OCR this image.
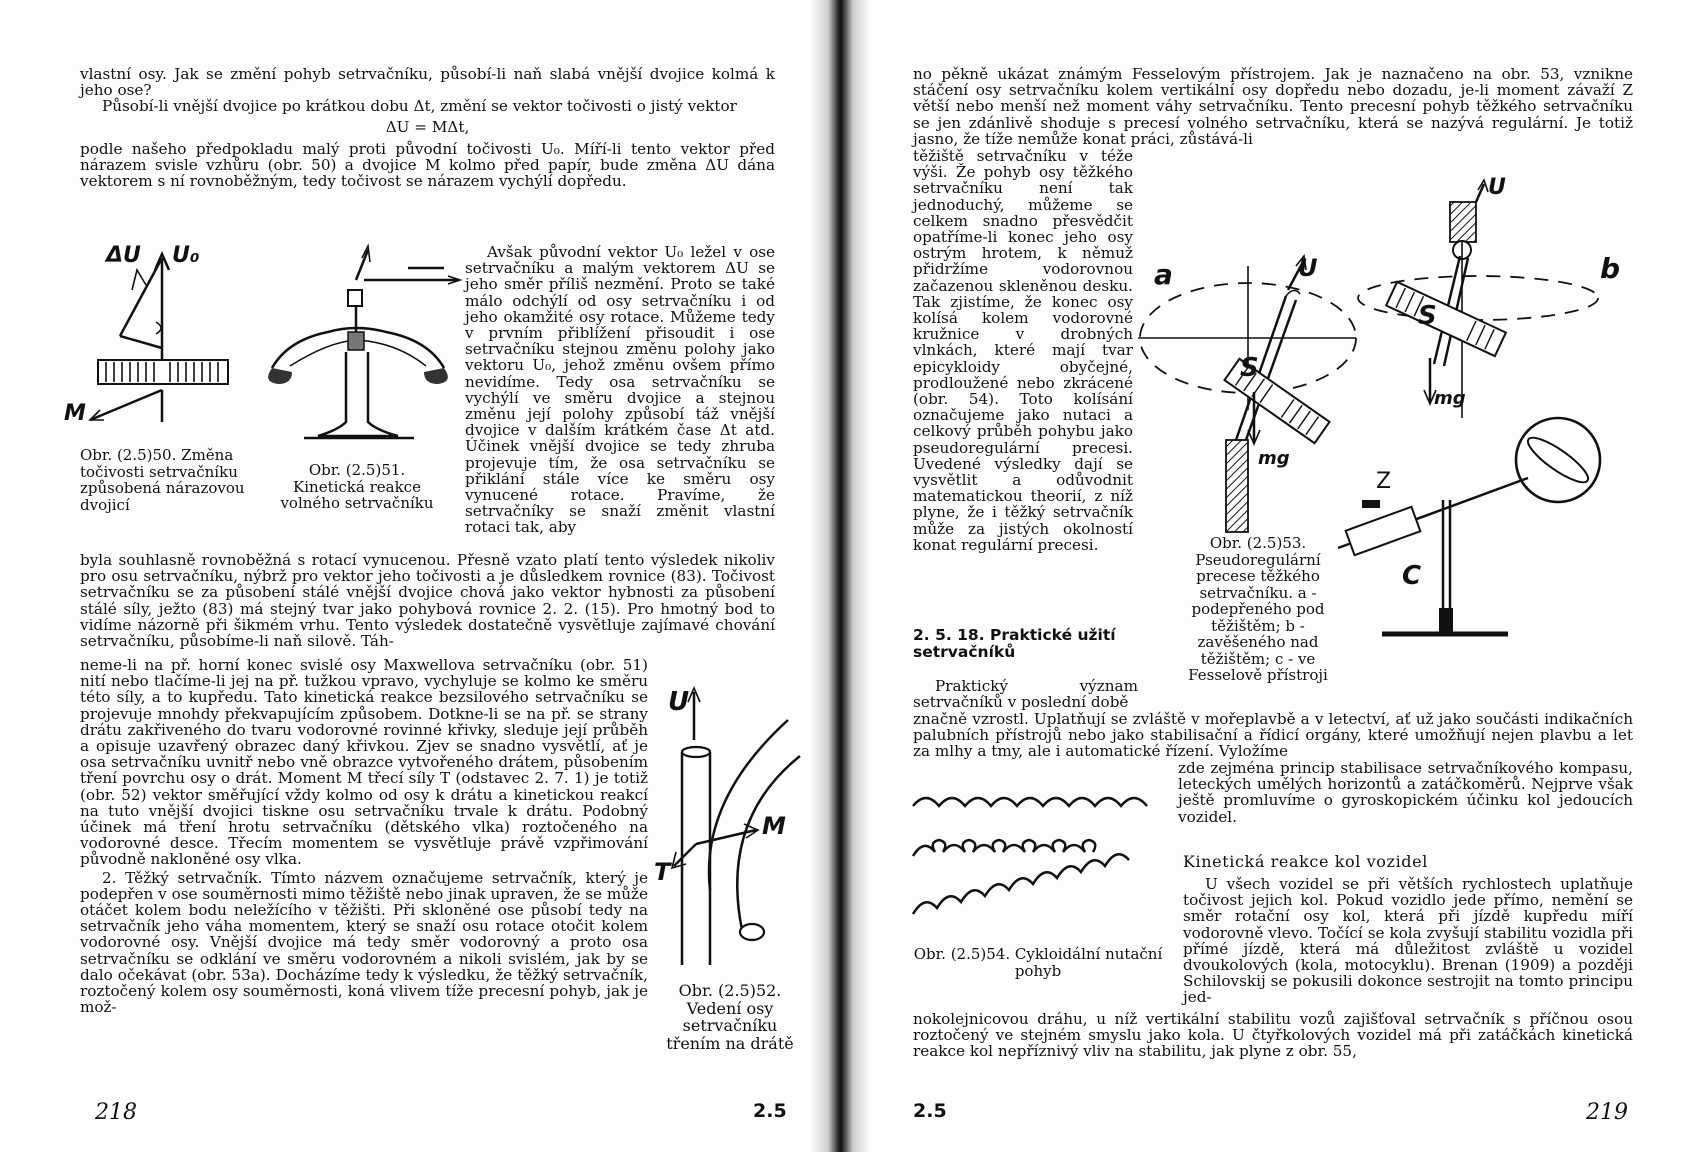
vlastní osy. Jak se změní pohyb setrvačníku, působí-li naň slabá vnější dvojice kolmá k jeho ose?

Působí-li vnější dvojice po krátkou dobu Δt, změní se vektor točivosti o jistý vektor

ΔU = MΔt,

podle našeho předpokladu malý proti původní točivosti U₀. Míří-li tento vektor před nárazem svisle vzhůru (obr. 50) a dvojice M kolmo před papír, bude změna ΔU dána vektorem s ní rovnoběžným, tedy točivost se nárazem vychýlí dopředu.

Avšak původní vektor U₀ ležel v ose setrvačníku a malým vektorem ΔU se jeho směr příliš nezmění. Proto se také málo odchýlí od osy setrvačníku i od jeho okamžité osy rotace. Můžeme tedy v prvním přiblížení přisoudit i ose setrvačníku stejnou změnu polohy jako vektoru U₀, jehož změnu ovšem přímo nevidíme. Tedy osa setrvačníku se vychýlí ve směru dvojice a stejnou změnu její polohy způsobí táž vnější dvojice v dalším krátkém čase Δt atd. Účinek vnější dvojice se tedy zhruba projevuje tím, že osa setrvačníku se přiklání stále více ke směru osy vynucené rotace. Pravíme, že setrvačníky se snaží změnit vlastní rotaci tak, aby

ΔU U₀
M
Obr. (2.5)50. Změna točivosti setrvačníku způsobená nárazovou dvojicí
Obr. (2.5)51. Kinetická reakce volného setrvačníku

byla souhlasně rovnoběžná s rotací vynucenou. Přesně vzato platí tento výsledek nikoliv pro osu setrvačníku, nýbrž pro vektor jeho točivosti a je důsledkem rovnice (83). Točivost setrvačníku se za působení stálé vnější dvojice chová jako vektor hybnosti za působení stálé síly, ježto (83) má stejný tvar jako pohybová rovnice 2. 2. (15). Pro hmotný bod to vidíme názorně při šikmém vrhu. Tento výsledek dostatečně vysvětluje zajímavé chování setrvačníku, působíme-li naň silově. Táh-

neme-li na př. horní konec svislé osy Maxwellova setrvačníku (obr. 51) nití nebo tlačíme-li jej na př. tužkou vpravo, vychyluje se kolmo ke směru této síly, a to kupředu. Tato kinetická reakce bezsilového setrvačníku se projevuje mnohdy překvapujícím způsobem. Dotkne-li se na př. se strany drátu zakřiveného do tvaru vodorovné rovinné křivky, sleduje její průběh a opisuje uzavřený obrazec daný křivkou. Zjev se snadno vysvětlí, ať je osa setrvačníku uvnitř nebo vně obrazce vytvořeného drátem, působením tření povrchu osy o drát. Moment M třecí síly T (odstavec 2. 7. 1) je totiž (obr. 52) vektor směřující vždy kolmo od osy k drátu a kinetickou reakcí na tuto vnější dvojici tiskne osu setrvačníku trvale k drátu. Podobný účinek má tření hrotu setrvačníku (dětského vlka) roztočeného na vodorovné desce. Třecím momentem se vysvětluje právě vzpřimování původně nakloněné osy vlka.

2. Těžký setrvačník. Tímto názvem označujeme setrvačník, který je podepřen v ose souměrnosti mimo těžiště nebo jinak upraven, že se může otáčet kolem bodu neležícího v těžišti. Při skloněné ose působí tedy na setrvačník jeho váha momentem, který se snaží osu rotace otočit kolem vodorovné osy. Vnější dvojice má tedy směr vodorovný a proto osa setrvačníku se odklání ve směru vodorovném a nikoli svislém, jak by se dalo očekávat (obr. 53a). Docházíme tedy k výsledku, že těžký setrvačník, roztočený kolem osy souměrnosti, koná vlivem tíže precesní pohyb, jak je mož-

U
M
T
Obr. (2.5)52. Vedení osy setrvačníku třením na drátě
218	2.5

no pěkně ukázat známým Fesselovým přístrojem. Jak je naznačeno na obr. 53, vznikne stáčení osy setrvačníku kolem vertikální osy dopředu nebo dozadu, je-li moment závaží Z větší nebo menší než moment váhy setrvačníku. Tento precesní pohyb těžkého setrvačníku se jen zdánlivě shoduje s precesí volného setrvačníku, která se nazývá regulární. Je totiž jasno, že tíže nemůže konat práci, zůstává-li

těžiště setrvačníku v téže výši. Že pohyb osy těžkého setrvačníku není tak jednoduchý, můžeme se celkem snadno přesvědčit opatříme-li konec jeho osy ostrým hrotem, k němuž přidržíme vodorovnou začazenou skleněnou desku. Tak zjistíme, že konec osy kolísá kolem vodorovné kružnice v drobných vlnkách, které mají tvar epicykloidy obyčejné, prodloužené nebo zkrácené (obr. 54). Toto kolísání označujeme jako nutaci a celkový průběh pohybu jako pseudoregulární precesi. Uvedené výsledky dají se vysvětlit a odůvodnit matematickou theorií, z níž plyne, že i těžký setrvačník může za jistých okolností konat regulární precesi.

a
S
U
mg
U
b
S
mg
Z
C
Obr. (2.5)53. Pseudoregulární precese těžkého setrvačníku. a - podepřeného pod těžištěm; b - zavěšeného nad těžištěm; c - ve Fesselově přístroji
2. 5. 18. Praktické užití setrvačníků

Praktický význam setrvačníků v poslední době

značně vzrostl. Uplatňují se zvláště v mořeplavbě a v letectví, ať už jako součásti indikačních palubních přístrojů nebo jako stabilisační a řídicí orgány, které umožňují nejen plavbu a let za mlhy a tmy, ale i automatické řízení. Vyložíme

zde zejména princip stabilisace setrvačníkového kompasu, leteckých umělých horizontů a zatáčkoměrů. Nejprve však ještě promluvíme o gyroskopickém účinku kol jedoucích vozidel.

Obr. (2.5)54. Cykloidální nutační pohyb
Kinetická reakce kol vozidel

U všech vozidel se při větších rychlostech uplatňuje točivost jejich kol. Pokud vozidlo jede přímo, nemění se směr rotační osy kol, která při jízdě kupředu míří vodorovně vlevo. Točící se kola zvyšují stabilitu vozidla při přímé jízdě, která má důležitost zvláště u vozidel dvoukolových (kola, motocyklu). Brenan (1909) a později Schilovskij se pokusili dokonce sestrojit na tomto principu jed-

nokolejnicovou dráhu, u níž vertikální stabilitu vozů zajišťoval setrvačník s příčnou osou roztočený ve stejném smyslu jako kola. U čtyřkolových vozidel má při zatáčkách kinetická reakce kol nepříznivý vliv na stabilitu, jak plyne z obr. 55,

2.5	219
